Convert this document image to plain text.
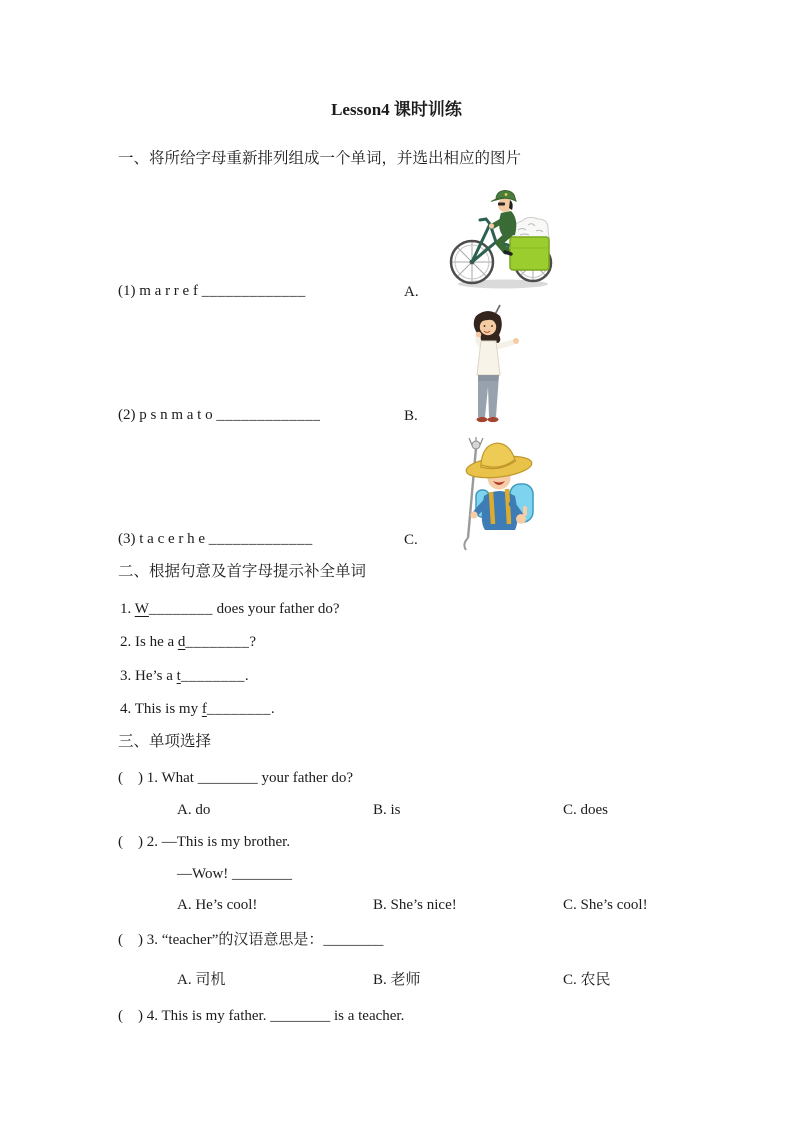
Lesson4 课时训练
一、将所给字母重新排列组成一个单词，并选出相应的图片
(1) m a r r e f _____________	A.
(2) p s n m a t o _____________	B.
(3) t a c e r h e _____________	C.
二、根据句意及首字母提示补全单词
1. W________ does your father do?
2. Is he a d________?
3. He’s a t________.
4. This is my f________.
三、单项选择
(　) 1. What ________ your father do?
A. do	B. is	C. does
(　) 2. —This is my brother.
—Wow! ________
A. He’s cool!	B. She’s nice!	C. She’s cool!
(　) 3. “teacher”的汉语意思是：________
A. 司机	B. 老师	C. 农民
(　) 4. This is my father. ________ is a teacher.
